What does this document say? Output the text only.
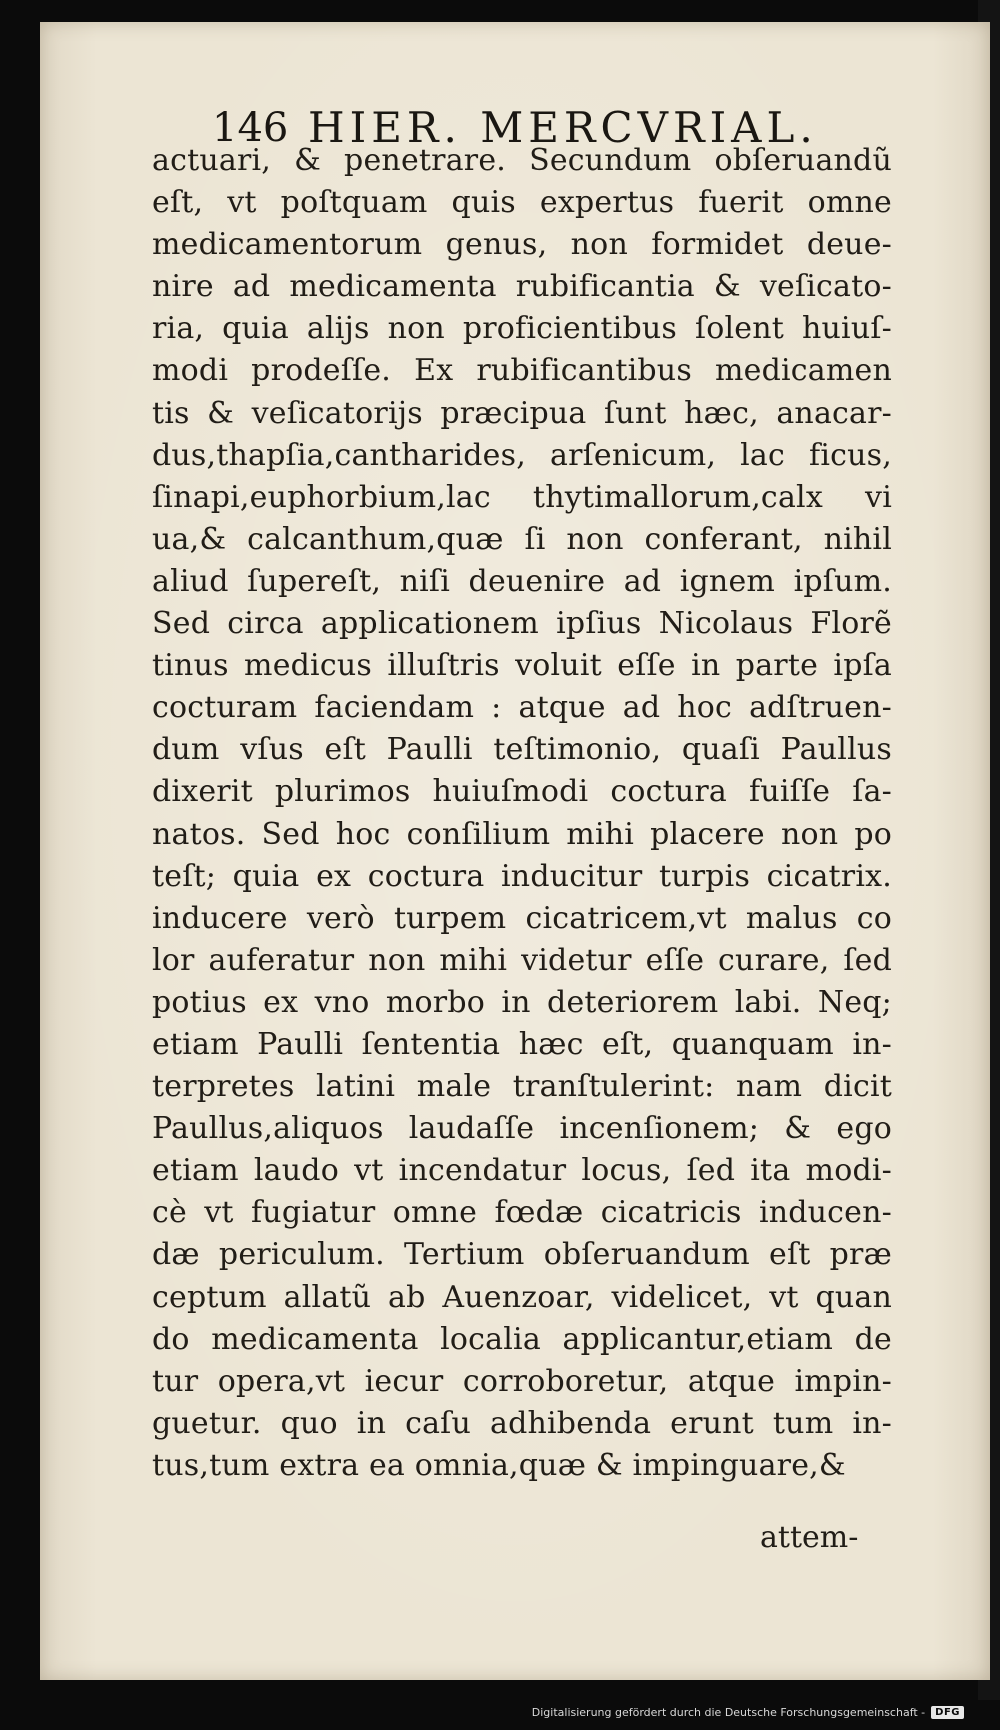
146 HIER. MERCVRIAL.
actuari, & penetrare. Secundum obſeruandũ
eſt, vt poſtquam quis expertus fuerit omne
medicamentorum genus, non formidet deue-
nire ad medicamenta rubificantia & veſicato-
ria, quia alijs non proficientibus ſolent huiuſ-
modi prodeſſe. Ex rubificantibus medicamen
tis & veſicatorijs præcipua ſunt hæc, anacar-
dus,thapſia,cantharides, arſenicum, lac ficus,
ſinapi,euphorbium,lac thytimallorum,calx vi
ua,& calcanthum,quæ ſi non conferant, nihil
aliud ſupereſt, niſi deuenire ad ignem ipſum.
Sed circa applicationem ipſius Nicolaus Florẽ
tinus medicus illuſtris voluit eſſe in parte ipſa
cocturam faciendam : atque ad hoc adſtruen-
dum vſus eſt Paulli teſtimonio, quaſi Paullus
dixerit plurimos huiuſmodi coctura fuiſſe ſa-
natos. Sed hoc conſilium mihi placere non po
teſt; quia ex coctura inducitur turpis cicatrix.
inducere verò turpem cicatricem,vt malus co
lor auferatur non mihi videtur eſſe curare, ſed
potius ex vno morbo in deteriorem labi. Neq;
etiam Paulli ſententia hæc eſt, quanquam in-
terpretes latini male tranſtulerint: nam dicit
Paullus,aliquos laudaſſe incenſionem; & ego
etiam laudo vt incendatur locus, ſed ita modi-
cè vt fugiatur omne fœdæ cicatricis inducen-
dæ periculum. Tertium obſeruandum eſt præ
ceptum allatũ ab Auenzoar, videlicet, vt quan
do medicamenta localia applicantur,etiam de
tur opera,vt iecur corroboretur, atque impin-
guetur. quo in caſu adhibenda erunt tum in-
tus,tum extra ea omnia,quæ & impinguare,&
attem-
Digitalisierung gefördert durch die Deutsche Forschungsgemeinschaft -	DFG
